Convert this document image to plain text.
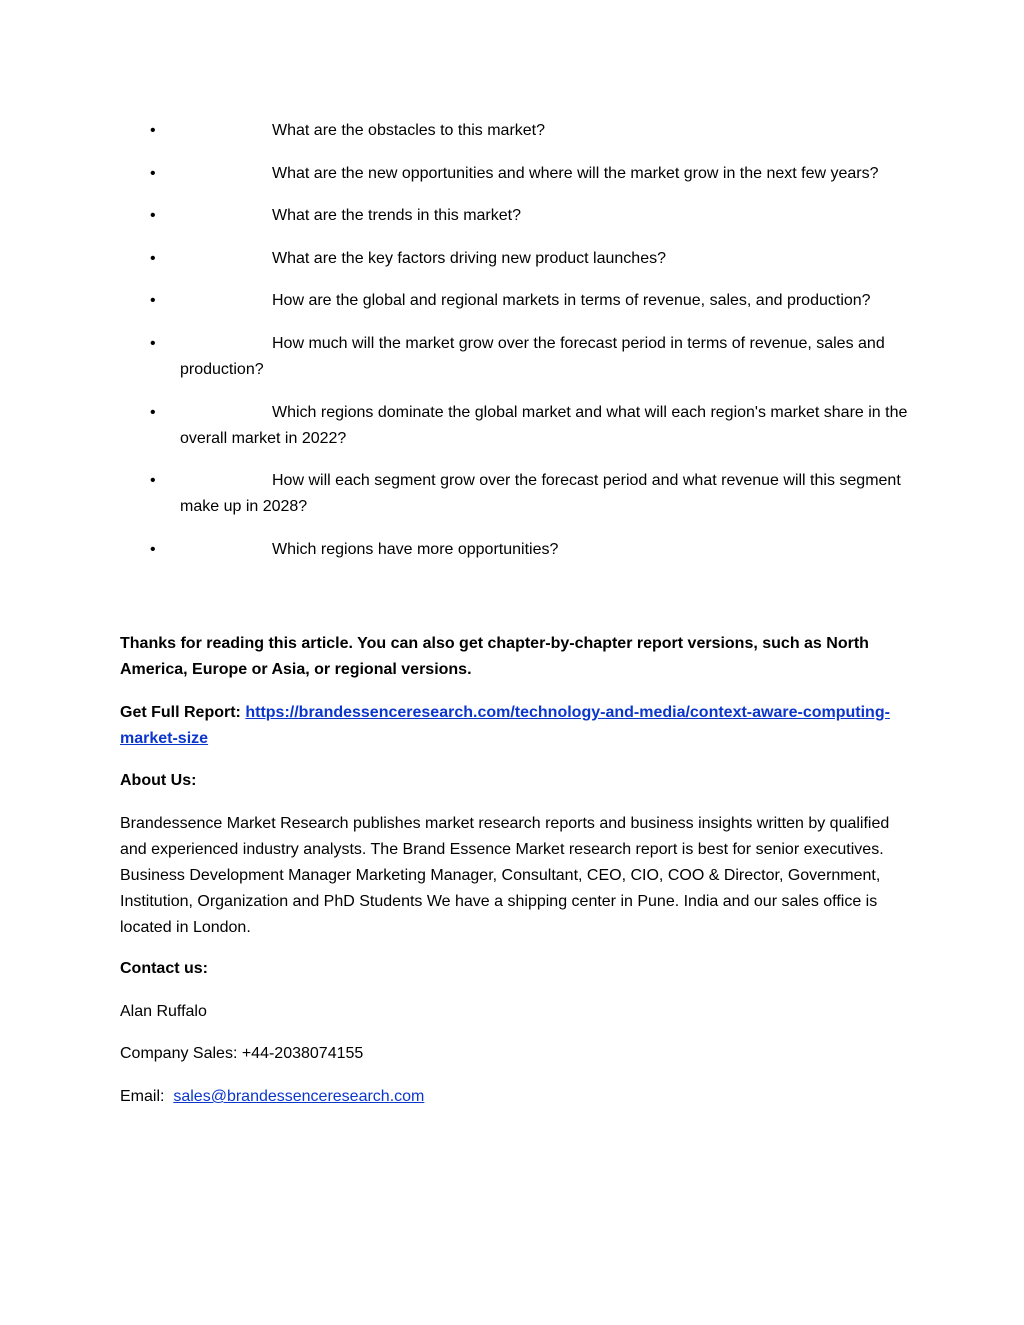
•	What are the obstacles to this market?
•	What are the new opportunities and where will the market grow in the next few years?
•	What are the trends in this market?
•	What are the key factors driving new product launches?
•	How are the global and regional markets in terms of revenue, sales, and production?
•	How much will the market grow over the forecast period in terms of revenue, sales and production?
•	Which regions dominate the global market and what will each region's market share in the overall market in 2022?
•	How will each segment grow over the forecast period and what revenue will this segment make up in 2028?
•	Which regions have more opportunities?

Thanks for reading this article. You can also get chapter-by-chapter report versions, such as North America, Europe or Asia, or regional versions.

Get Full Report: https://brandessenceresearch.com/technology-and-media/context-aware-computing-market-size

About Us:

Brandessence Market Research publishes market research reports and business insights written by qualified and experienced industry analysts. The Brand Essence Market research report is best for senior executives. Business Development Manager Marketing Manager, Consultant, CEO, CIO, COO & Director, Government, Institution, Organization and PhD Students We have a shipping center in Pune. India and our sales office is located in London.

Contact us:

Alan Ruffalo

Company Sales: +44-2038074155

Email: sales@brandessenceresearch.com
